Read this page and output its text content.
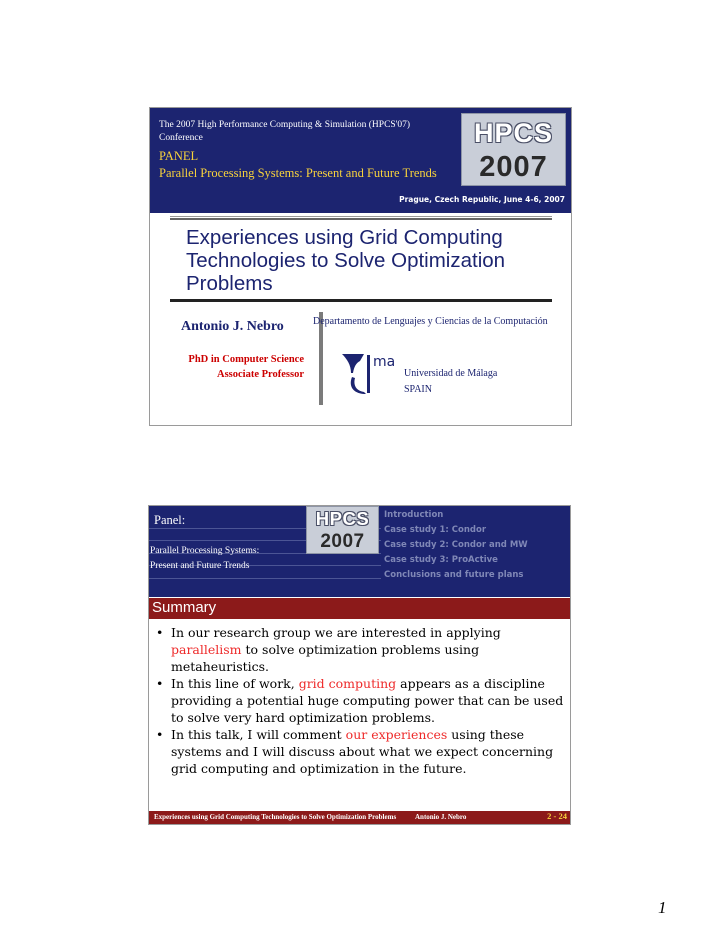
The 2007 High Performance Computing & Simulation (HPCS'07) Conference
PANEL
Parallel Processing Systems: Present and Future Trends
HPCS
2007
Prague, Czech Republic, June 4-6, 2007
Experiences using Grid Computing Technologies to Solve Optimization Problems
Antonio J. Nebro
PhD in Computer Science
Associate Professor
Departamento de Lenguajes y Ciencias de la Computación
ma
Universidad de Málaga
SPAIN
Panel:	HPCS
2007
Parallel Processing Systems:
Present and Future Trends
Introduction
Case study 1: Condor
Case study 2: Condor and MW
Case study 3: ProActive
Conclusions and future plans
Summary
• In our research group we are interested in applying parallelism to solve optimization problems using metaheuristics.
• In this line of work, grid computing appears as a discipline providing a potential huge computing power that can be used to solve very hard optimization problems.
• In this talk, I will comment our experiences using these systems and I will discuss about what we expect concerning grid computing and optimization in the future.
Experiences using Grid Computing Technologies to Solve Optimization Problems	Antonio J. Nebro	2 - 24
1
